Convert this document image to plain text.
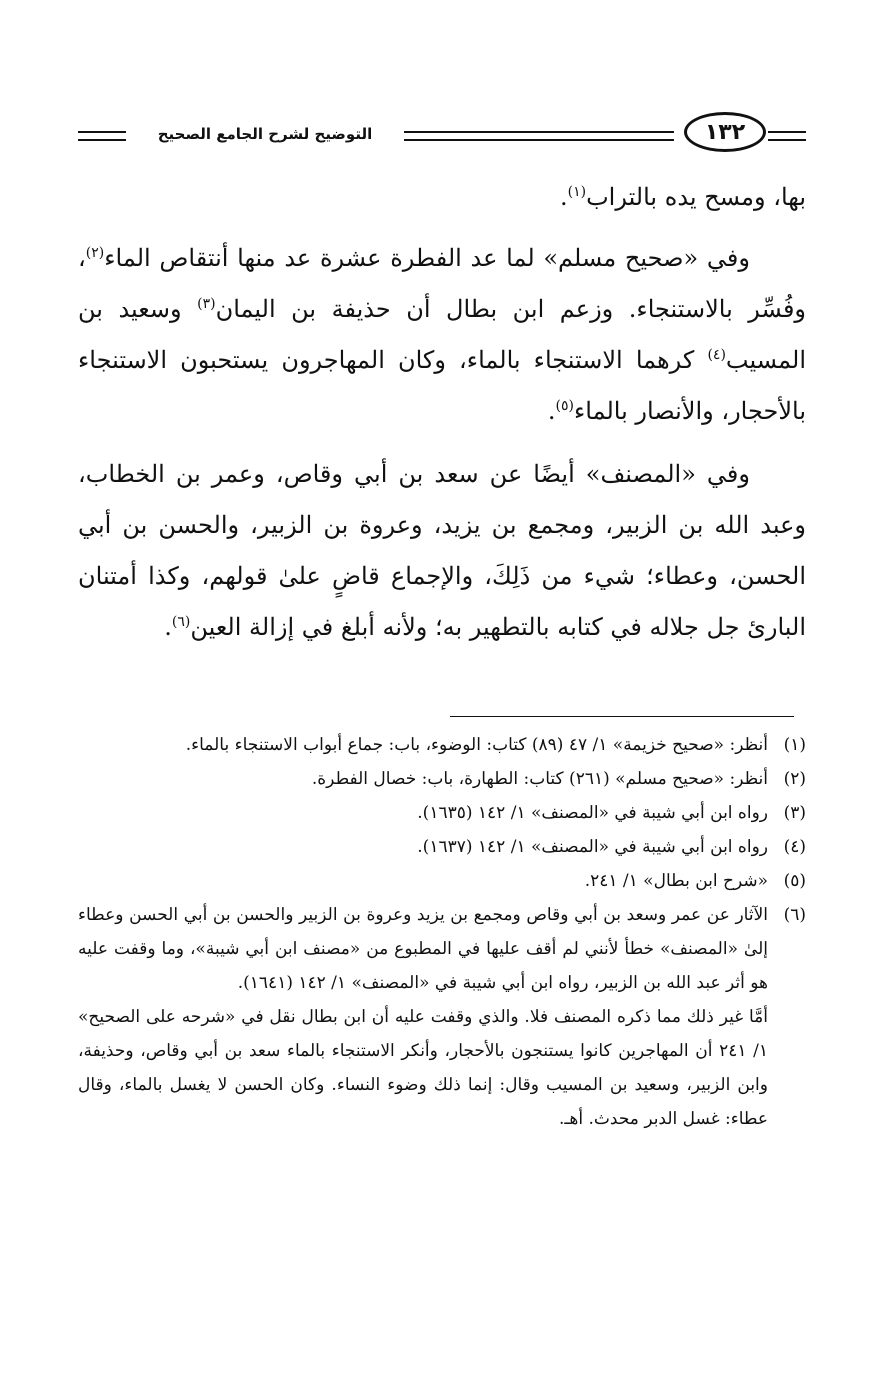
التوضيح لشرح الجامع الصحيح	١٣٢

بها، ومسح يده بالتراب$^{(١)}$.

وفي «صحيح مسلم» لما عد الفطرة عشرة عد منها أنتقاص الماء$^{(٢)}$، وفُسِّر بالاستنجاء. وزعم ابن بطال أن حذيفة بن اليمان$^{(٣)}$ وسعيد بن المسيب$^{(٤)}$ كرهما الاستنجاء بالماء، وكان المهاجرون يستحبون الاستنجاء بالأحجار، والأنصار بالماء$^{(٥)}$.

وفي «المصنف» أيضًا عن سعد بن أبي وقاص، وعمر بن الخطاب، وعبد الله بن الزبير، ومجمع بن يزيد، وعروة بن الزبير، والحسن بن أبي الحسن، وعطاء؛ شيء من ذَلِكَ، والإجماع قاضٍ علىٰ قولهم، وكذا أمتنان البارئ جل جلاله في كتابه بالتطهير به؛ ولأنه أبلغ في إزالة العين$^{(٦)}$.

(١)
أنظر: «صحيح خزيمة» ١/ ٤٧ (٨٩) كتاب: الوضوء، باب: جماع أبواب الاستنجاء بالماء.
(٢)
أنظر: «صحيح مسلم» (٢٦١) كتاب: الطهارة، باب: خصال الفطرة.
(٣)
رواه ابن أبي شيبة في «المصنف» ١/ ١٤٢ (١٦٣٥).
(٤)
رواه ابن أبي شيبة في «المصنف» ١/ ١٤٢ (١٦٣٧).
(٥)
«شرح ابن بطال» ١/ ٢٤١.
(٦)
الآثار عن عمر وسعد بن أبي وقاص ومجمع بن يزيد وعروة بن الزبير والحسن بن أبي الحسن وعطاء إلىٰ «المصنف» خطأ لأنني لم أقف عليها في المطبوع من «مصنف ابن أبي شيبة»، وما وقفت عليه هو أثر عبد الله بن الزبير، رواه ابن أبي شيبة في «المصنف» ١/ ١٤٢ (١٦٤١).
أمَّا غير ذلك مما ذكره المصنف فلا. والذي وقفت عليه أن ابن بطال نقل في «شرحه على الصحيح» ١/ ٢٤١ أن المهاجرين كانوا يستنجون بالأحجار، وأنكر الاستنجاء بالماء سعد بن أبي وقاص، وحذيفة، وابن الزبير، وسعيد بن المسيب وقال: إنما ذلك وضوء النساء. وكان الحسن لا يغسل بالماء، وقال عطاء: غسل الدبر محدث. أهـ.
